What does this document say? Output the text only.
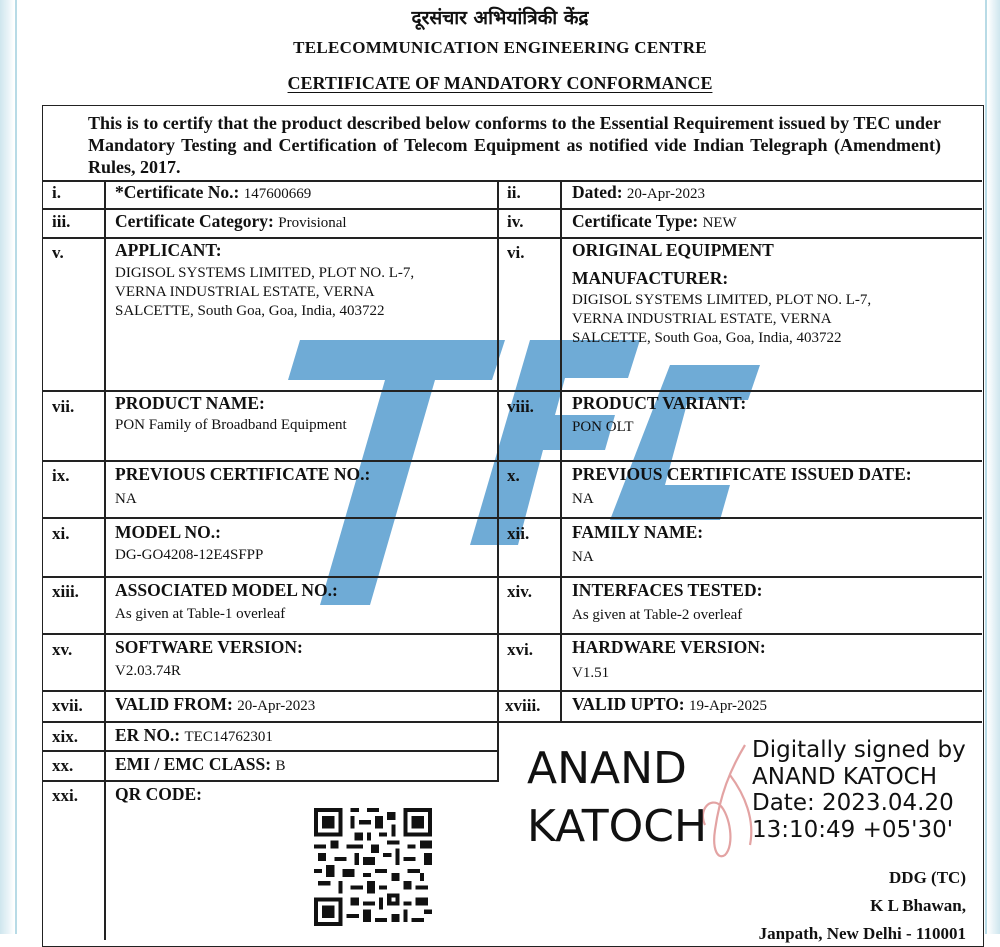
दूरसंचार अभियांत्रिकी केंद्र
TELECOMMUNICATION ENGINEERING CENTRE
CERTIFICATE OF MANDATORY CONFORMANCE
This is to certify that the product described below conforms to the Essential Requirement issued by TEC under Mandatory Testing and Certification of Telecom Equipment as notified vide Indian Telegraph (Amendment) Rules, 2017.
i.	*Certificate No.: 147600669	ii.	Dated: 20-Apr-2023
iii.	Certificate Category: Provisional	iv.	Certificate Type: NEW
v.	APPLICANT:
DIGISOL SYSTEMS LIMITED, PLOT NO. L-7,
VERNA INDUSTRIAL ESTATE, VERNA
SALCETTE, South Goa, Goa, India, 403722
vi.	ORIGINAL EQUIPMENT
MANUFACTURER:
DIGISOL SYSTEMS LIMITED, PLOT NO. L-7,
VERNA INDUSTRIAL ESTATE, VERNA
SALCETTE, South Goa, Goa, India, 403722
vii. PRODUCT NAME:
PON Family of Broadband Equipment
viii. PRODUCT VARIANT:
PON OLT
ix.	PREVIOUS CERTIFICATE NO.:
NA
x.	PREVIOUS CERTIFICATE ISSUED DATE:
NA
xi.	MODEL NO.:
DG-GO4208-12E4SFPP
xii. FAMILY NAME:
NA
xiii. ASSOCIATED MODEL NO.:
As given at Table-1 overleaf
xiv. INTERFACES TESTED:
As given at Table-2 overleaf
xv. SOFTWARE VERSION:
V2.03.74R
xvi. HARDWARE VERSION:
V1.51
xvii. VALID FROM: 20-Apr-2023	xviii. VALID UPTO: 19-Apr-2025
xix. ER NO.: TEC14762301
xx. EMI / EMC CLASS: B
xxi. QR CODE:	ANAND
KATOCH
Digitally signed by
ANAND KATOCH
Date: 2023.04.20
13:10:49 +05'30'
DDG (TC)
K L Bhawan,
Janpath, New Delhi - 110001
